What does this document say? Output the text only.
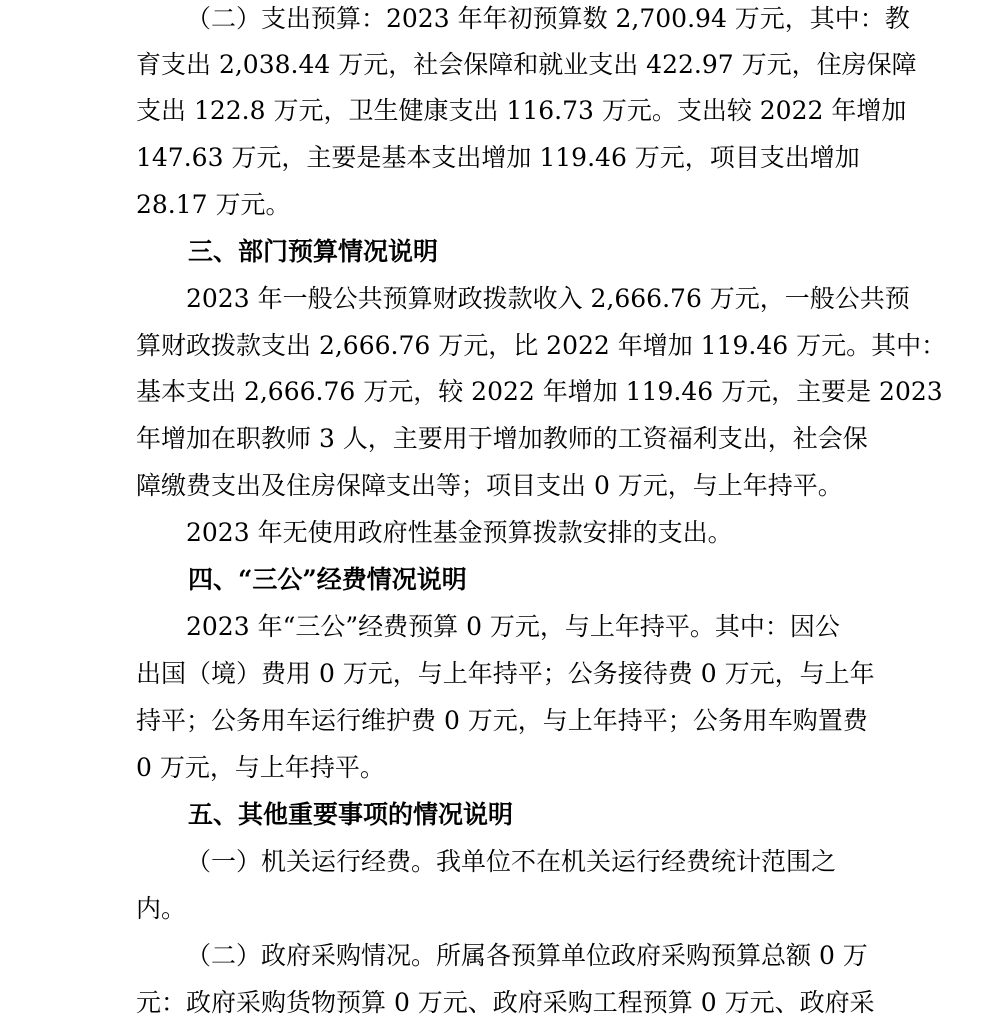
（二）支出预算：2023 年年初预算数 2,700.94 万元，其中：教
育支出 2,038.44 万元，社会保障和就业支出 422.97 万元，住房保障
支出 122.8 万元，卫生健康支出 116.73 万元。支出较 2022 年增加
147.63 万元，主要是基本支出增加 119.46 万元，项目支出增加
28.17 万元。
三、部门预算情况说明
2023 年一般公共预算财政拨款收入 2,666.76 万元，一般公共预
算财政拨款支出 2,666.76 万元，比 2022 年增加 119.46 万元。其中：
基本支出 2,666.76 万元，较 2022 年增加 119.46 万元，主要是 2023
年增加在职教师 3 人，主要用于增加教师的工资福利支出，社会保
障缴费支出及住房保障支出等；项目支出 0 万元，与上年持平。
2023 年无使用政府性基金预算拨款安排的支出。
四、“三公”经费情况说明
2023 年“三公”经费预算 0 万元，与上年持平。其中：因公
出国（境）费用 0 万元，与上年持平；公务接待费 0 万元，与上年
持平；公务用车运行维护费 0 万元，与上年持平；公务用车购置费
0 万元，与上年持平。
五、其他重要事项的情况说明
（一）机关运行经费。我单位不在机关运行经费统计范围之
内。
（二）政府采购情况。所属各预算单位政府采购预算总额 0 万
元：政府采购货物预算 0 万元、政府采购工程预算 0 万元、政府采
